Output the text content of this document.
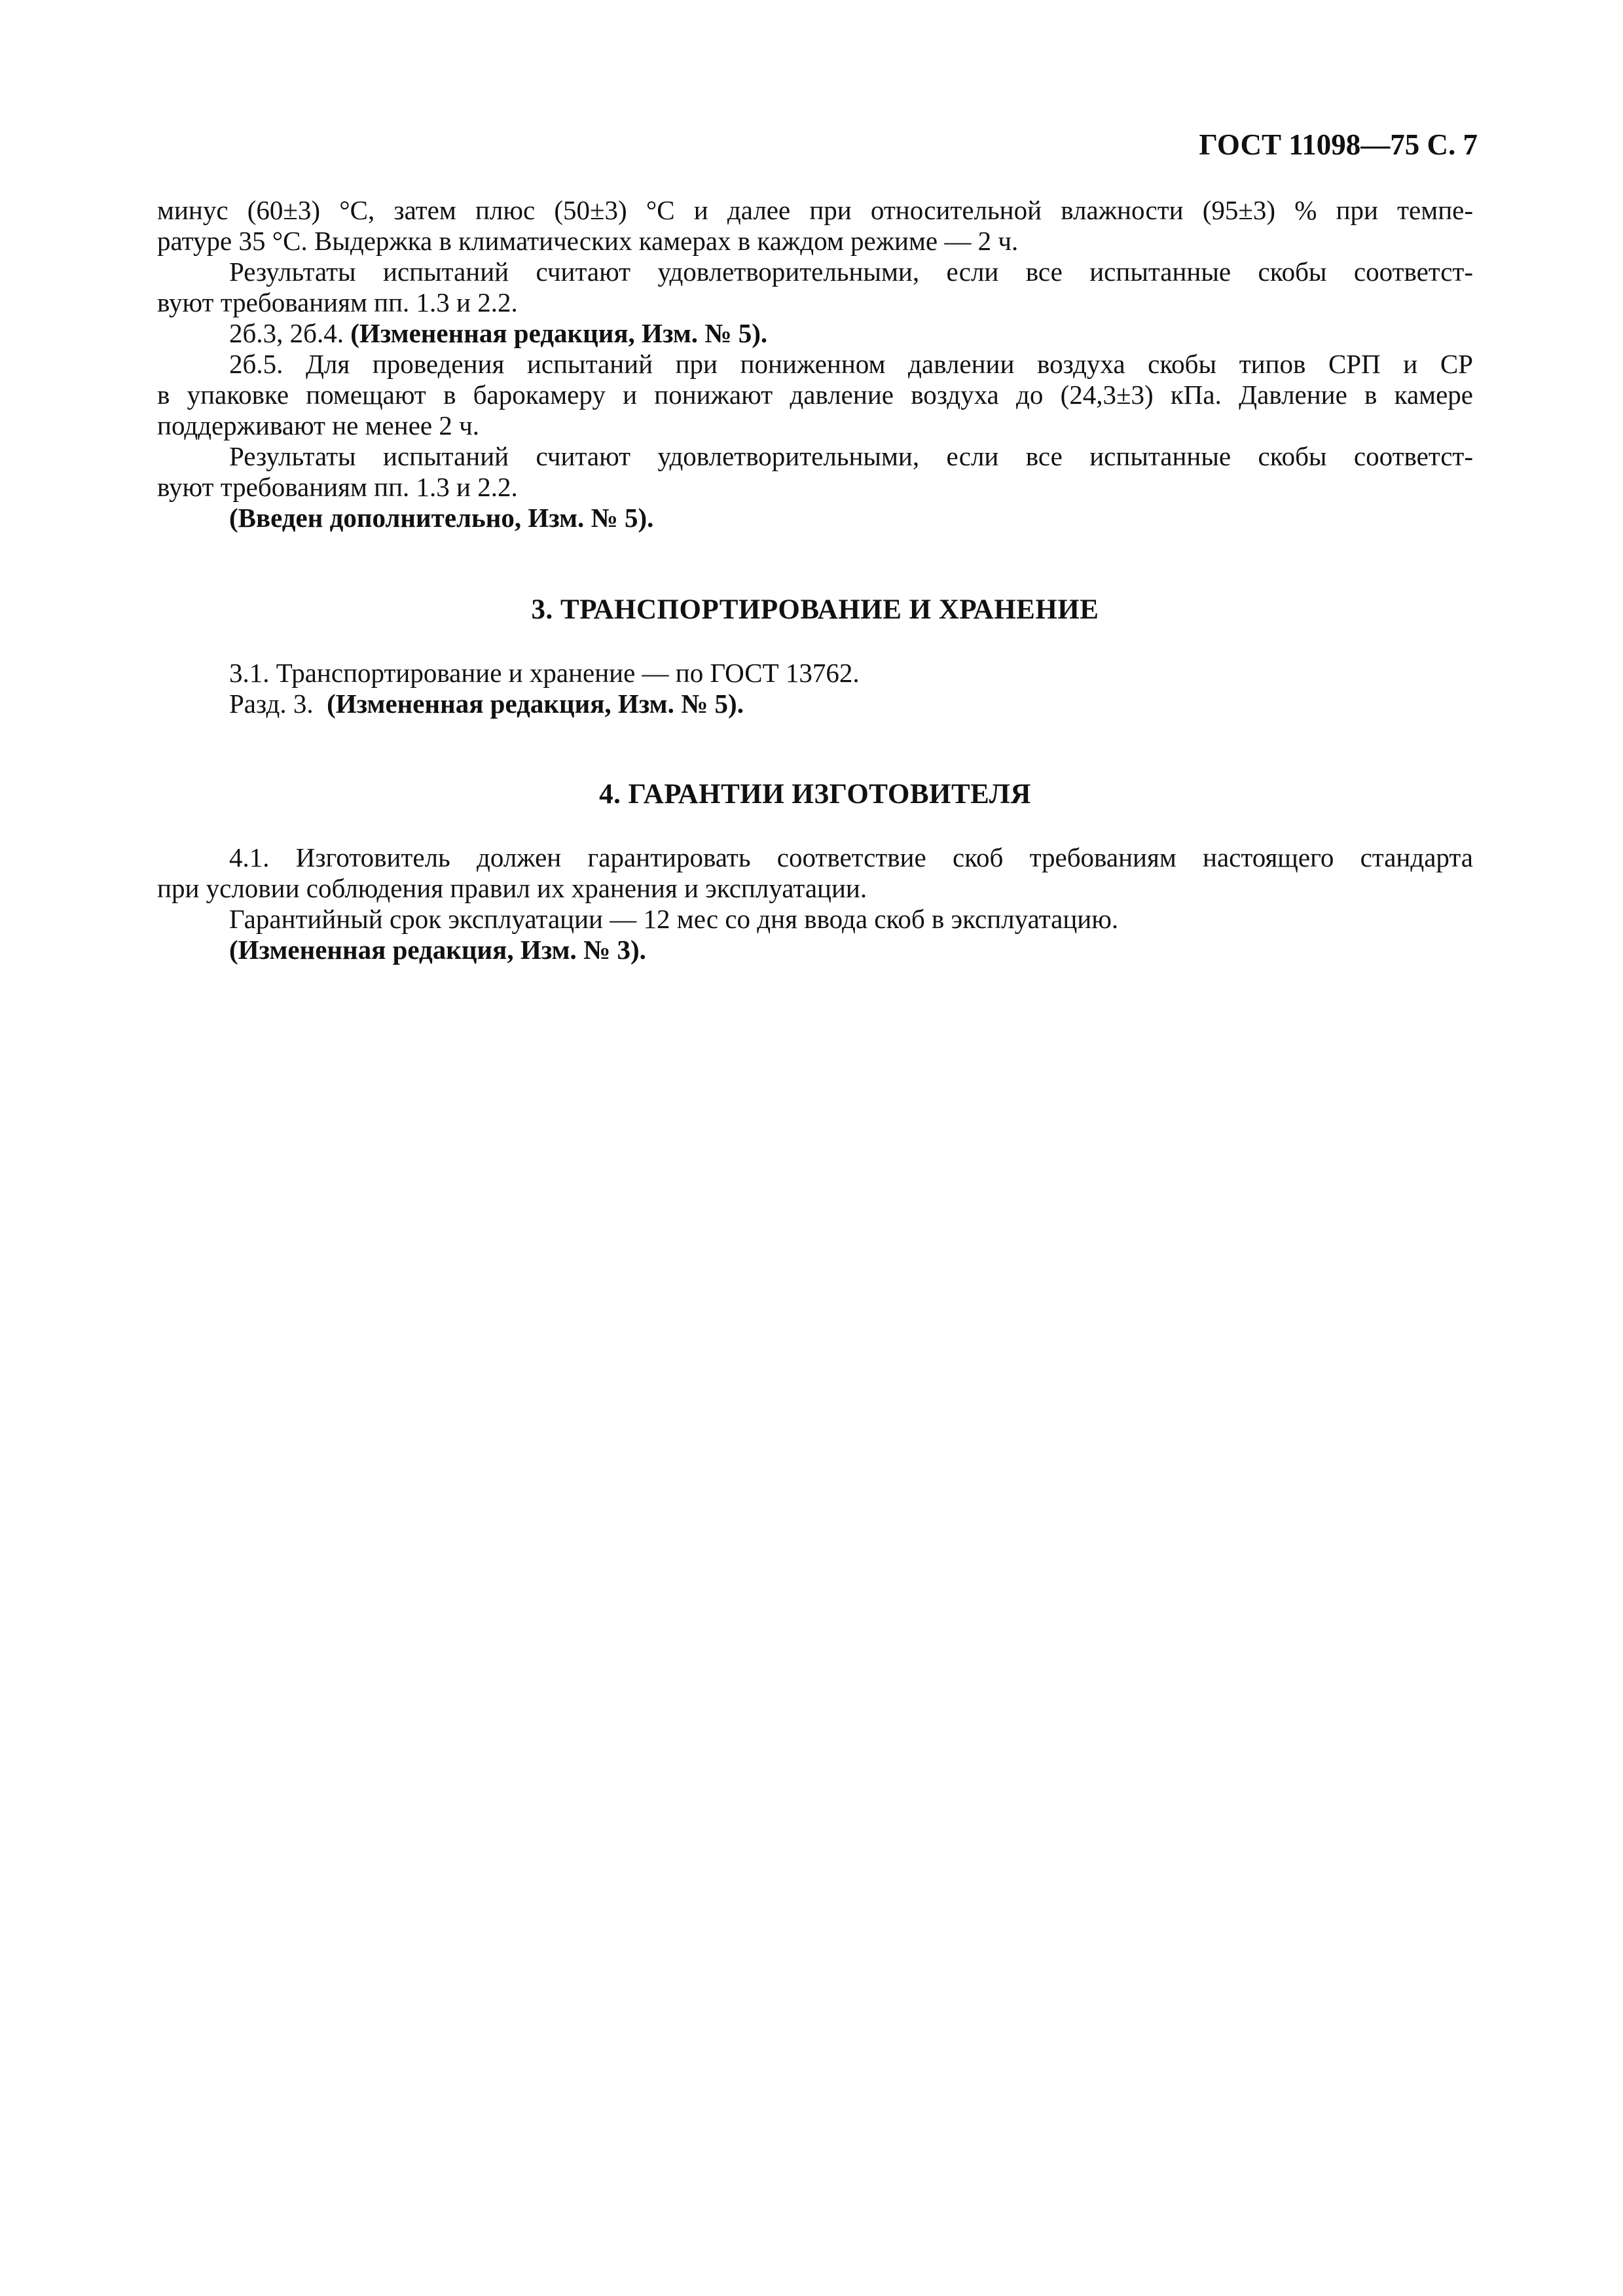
ГОСТ 11098—75 С. 7

минус (60±3) °С, затем плюс (50±3) °С и далее при относительной влажности (95±3) % при темпе-

ратуре 35 °С. Выдержка в климатических камерах в каждом режиме — 2 ч.

Результаты испытаний считают удовлетворительными, если все испытанные скобы соответст-

вуют требованиям пп. 1.3 и 2.2.

2б.3, 2б.4. (Измененная редакция, Изм. № 5).

2б.5. Для проведения испытаний при пониженном давлении воздуха скобы типов СРП и СР

в упаковке помещают в барокамеру и понижают давление воздуха до (24,3±3) кПа. Давление в камере

поддерживают не менее 2 ч.

Результаты испытаний считают удовлетворительными, если все испытанные скобы соответст-

вуют требованиям пп. 1.3 и 2.2.

(Введен дополнительно, Изм. № 5).

3. ТРАНСПОРТИРОВАНИЕ И ХРАНЕНИЕ

3.1. Транспортирование и хранение — по ГОСТ 13762.

Разд. 3. (Измененная редакция, Изм. № 5).

4. ГАРАНТИИ ИЗГОТОВИТЕЛЯ

4.1. Изготовитель должен гарантировать соответствие скоб требованиям настоящего стандарта

при условии соблюдения правил их хранения и эксплуатации.

Гарантийный срок эксплуатации — 12 мес со дня ввода скоб в эксплуатацию.

(Измененная редакция, Изм. № 3).
